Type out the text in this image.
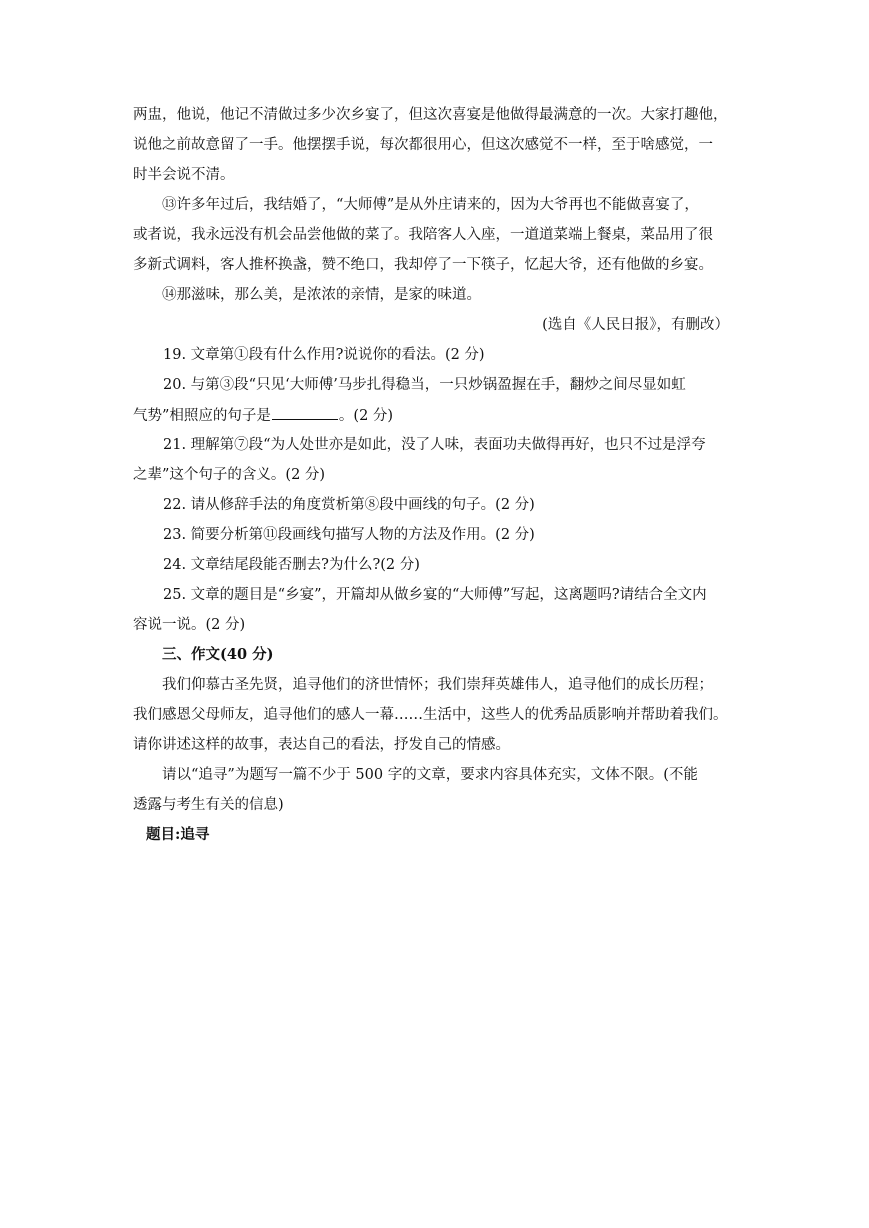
两盅，他说，他记不清做过多少次乡宴了，但这次喜宴是他做得最满意的一次。大家打趣他，
说他之前故意留了一手。他摆摆手说，每次都很用心，但这次感觉不一样，至于啥感觉，一
时半会说不清。
⑬许多年过后，我结婚了，“大师傅”是从外庄请来的，因为大爷再也不能做喜宴了，
或者说，我永远没有机会品尝他做的菜了。我陪客人入座，一道道菜端上餐桌，菜品用了很
多新式调料，客人推杯换盏，赞不绝口，我却停了一下筷子，忆起大爷，还有他做的乡宴。
⑭那滋味，那么美，是浓浓的亲情，是家的味道。
(选自《人民日报》，有删改）
19. 文章第①段有什么作用?说说你的看法。(2 分)
20. 与第③段“只见‘大师傅’马步扎得稳当，一只炒锅盈握在手，翻炒之间尽显如虹
气势”相照应的句子是	。(2 分)
21. 理解第⑦段“为人处世亦是如此，没了人味，表面功夫做得再好，也只不过是浮夸
之辈”这个句子的含义。(2 分)
22. 请从修辞手法的角度赏析第⑧段中画线的句子。(2 分)
23. 简要分析第⑪段画线句描写人物的方法及作用。(2 分)
24. 文章结尾段能否删去?为什么?(2 分)
25. 文章的题目是“乡宴”，开篇却从做乡宴的“大师傅”写起，这离题吗?请结合全文内
容说一说。(2 分)
三、作文(40 分)
我们仰慕古圣先贤，追寻他们的济世情怀；我们崇拜英雄伟人，追寻他们的成长历程；
我们感恩父母师友，追寻他们的感人一幕……生活中，这些人的优秀品质影响并帮助着我们。
请你讲述这样的故事，表达自己的看法，抒发自己的情感。
请以“追寻”为题写一篇不少于 500 字的文章，要求内容具体充实，文体不限。(不能
透露与考生有关的信息)
题目:追寻
